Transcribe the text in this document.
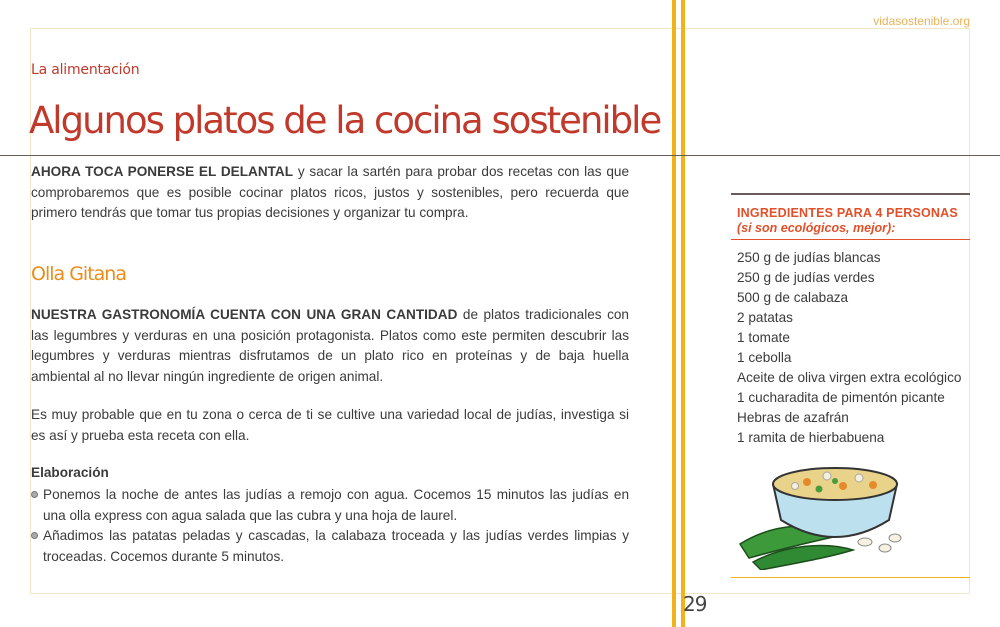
vidasostenible.org
La alimentación
Algunos platos de la cocina sostenible
AHORA TOCA PONERSE EL DELANTAL y sacar la sartén para probar dos recetas con las que comprobaremos que es posible cocinar platos ricos, justos y sostenibles, pero recuerda que primero tendrás que tomar tus propias decisiones y organizar tu compra.
Olla Gitana
NUESTRA GASTRONOMÍA CUENTA CON UNA GRAN CANTIDAD de platos tradicionales con las legumbres y verduras en una posición protagonista. Platos como este permiten descubrir las legumbres y verduras mientras disfrutamos de un plato rico en proteínas y de baja huella ambiental al no llevar ningún ingrediente de origen animal.
Es muy probable que en tu zona o cerca de ti se cultive una variedad local de judías, investiga si es así y prueba esta receta con ella.
Elaboración
Ponemos la noche de antes las judías a remojo con agua. Cocemos 15 minutos las judías en una olla express con agua salada que las cubra y una hoja de laurel.
Añadimos las patatas peladas y cascadas, la calabaza troceada y las judías verdes limpias y troceadas. Cocemos durante 5 minutos.
INGREDIENTES PARA 4 PERSONAS
(si son ecológicos, mejor):
250 g de judías blancas
250 g de judías verdes
500 g de calabaza
2 patatas
1 tomate
1 cebolla
Aceite de oliva virgen extra ecológico
1 cucharadita de pimentón picante
Hebras de azafrán
1 ramita de hierbabuena
29
